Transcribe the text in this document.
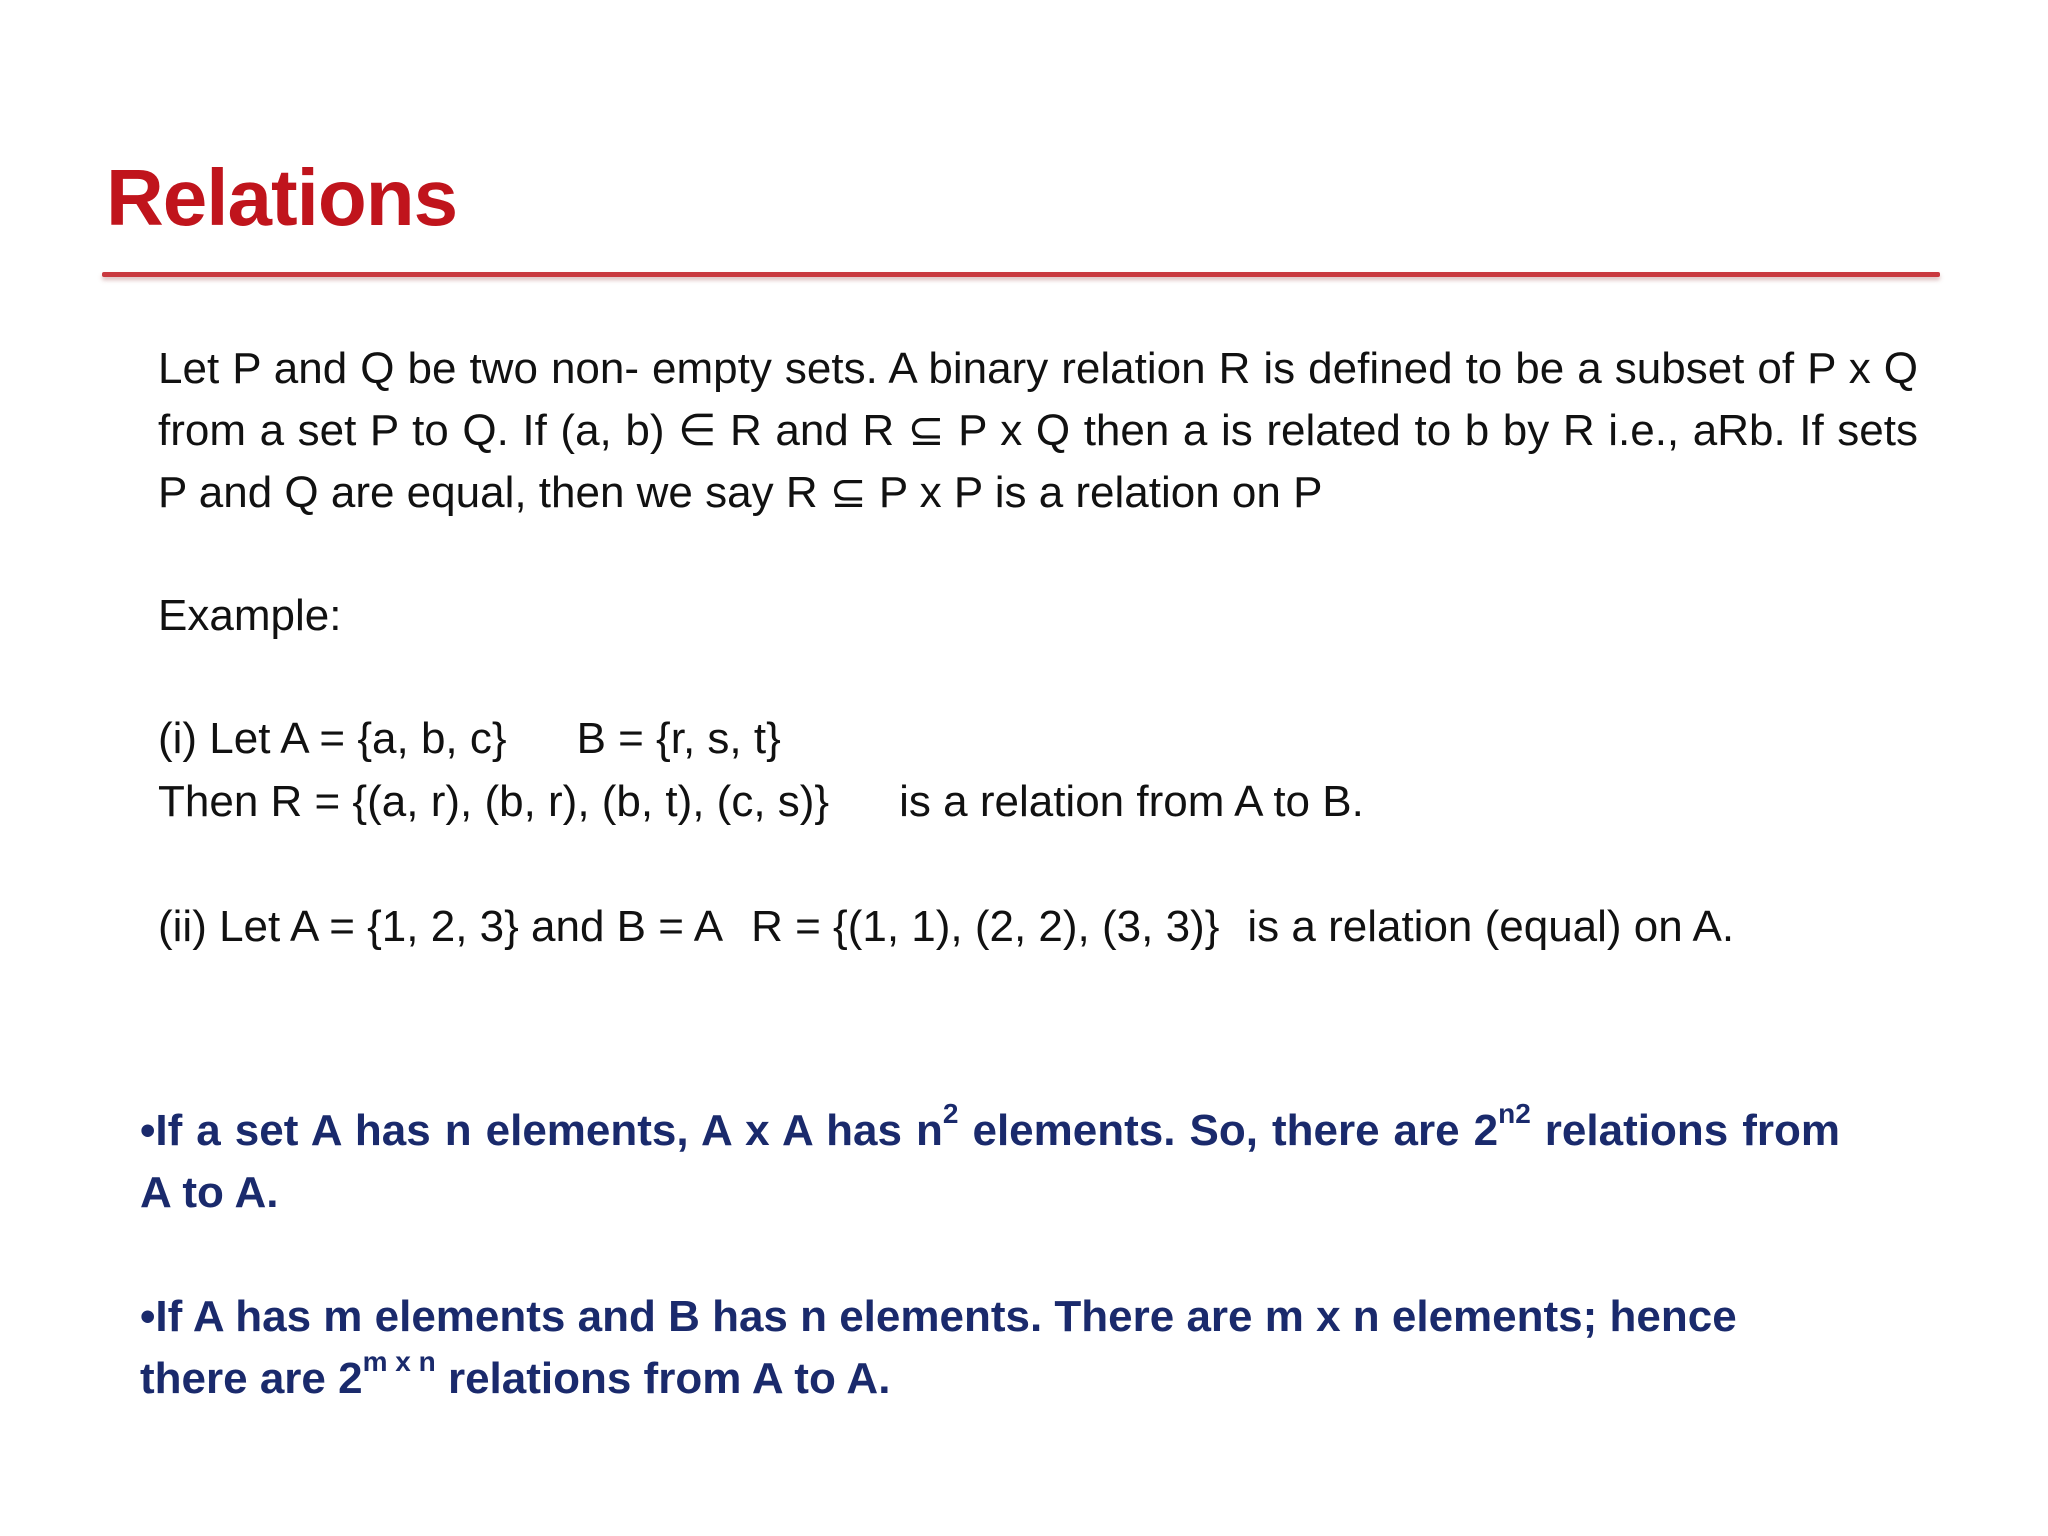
Relations
Let P and Q be two non- empty sets. A binary relation R is defined to be a subset of P x Q from a set P to Q. If (a, b) ∈ R and R ⊆ P x Q then a is related to b by R i.e., aRb. If sets P and Q are equal, then we say R ⊆ P x P is a relation on P
Example:
(i) Let A = {a, b, c} B = {r, s, t}
Then R = {(a, r), (b, r), (b, t), (c, s)} is a relation from A to B.
(ii) Let A = {1, 2, 3} and B = A R = {(1, 1), (2, 2), (3, 3)} is a relation (equal) on A.
•If a set A has n elements, A x A has $n^2$ elements. So, there are $2^{n2}$ relations from A to A.
•If A has m elements and B has n elements. There are m x n elements; hence there are $2^{m x n}$ relations from A to A.
